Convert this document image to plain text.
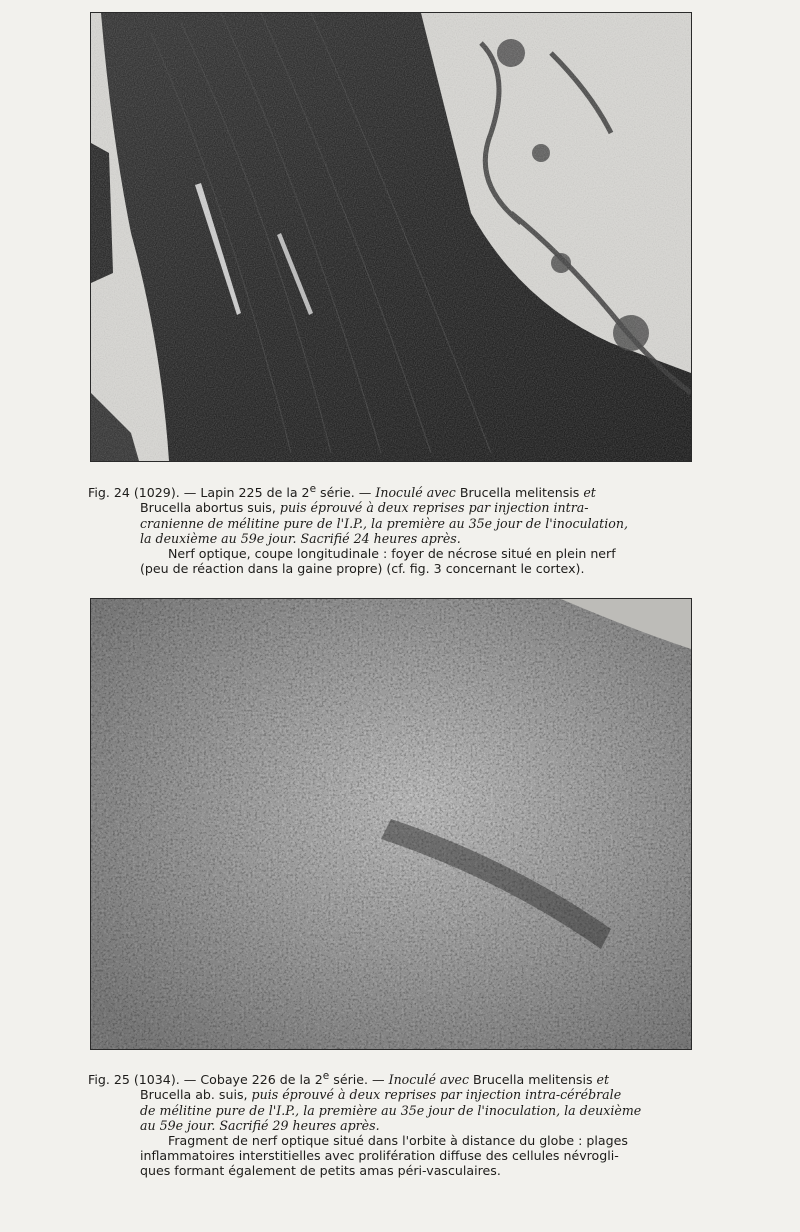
Fig. 24 (1029). — Lapin 225 de la 2e série. — Inoculé avec Brucella melitensis et
Brucella abortus suis, puis éprouvé à deux reprises par injection intra-
cranienne de mélitine pure de l'I.P., la première au 35e jour de l'inoculation,
la deuxième au 59e jour. Sacrifié 24 heures après.
Nerf optique, coupe longitudinale : foyer de nécrose situé en plein nerf
(peu de réaction dans la gaine propre) (cf. fig. 3 concernant le cortex).
Fig. 25 (1034). — Cobaye 226 de la 2e série. — Inoculé avec Brucella melitensis et
Brucella ab. suis, puis éprouvé à deux reprises par injection intra-cérébrale
de mélitine pure de l'I.P., la première au 35e jour de l'inoculation, la deuxième
au 59e jour. Sacrifié 29 heures après.
Fragment de nerf optique situé dans l'orbite à distance du globe : plages
inflammatoires interstitielles avec prolifération diffuse des cellules névrogli-
ques formant également de petits amas péri-vasculaires.
